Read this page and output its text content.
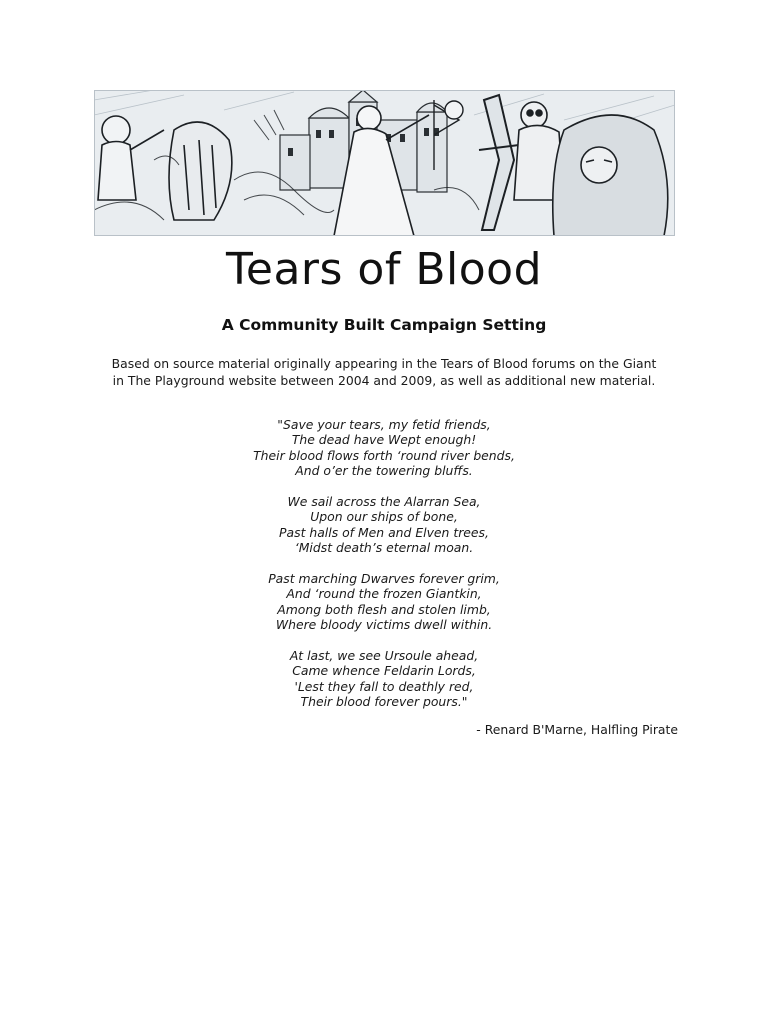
Tears of Blood
A Community Built Campaign Setting
Based on source material originally appearing in the Tears of Blood forums on the Giant
in The Playground website between 2004 and 2009, as well as additional new material.
"Save your tears, my fetid friends,
The dead have Wept enough!
Their blood flows forth ‘round river bends,
And o’er the towering bluffs.
We sail across the Alarran Sea,
Upon our ships of bone,
Past halls of Men and Elven trees,
‘Midst death’s eternal moan.
Past marching Dwarves forever grim,
And ‘round the frozen Giantkin,
Among both flesh and stolen limb,
Where bloody victims dwell within.
At last, we see Ursoule ahead,
Came whence Feldarin Lords,
'Lest they fall to deathly red,
Their blood forever pours."
- Renard B'Marne, Halfling Pirate
